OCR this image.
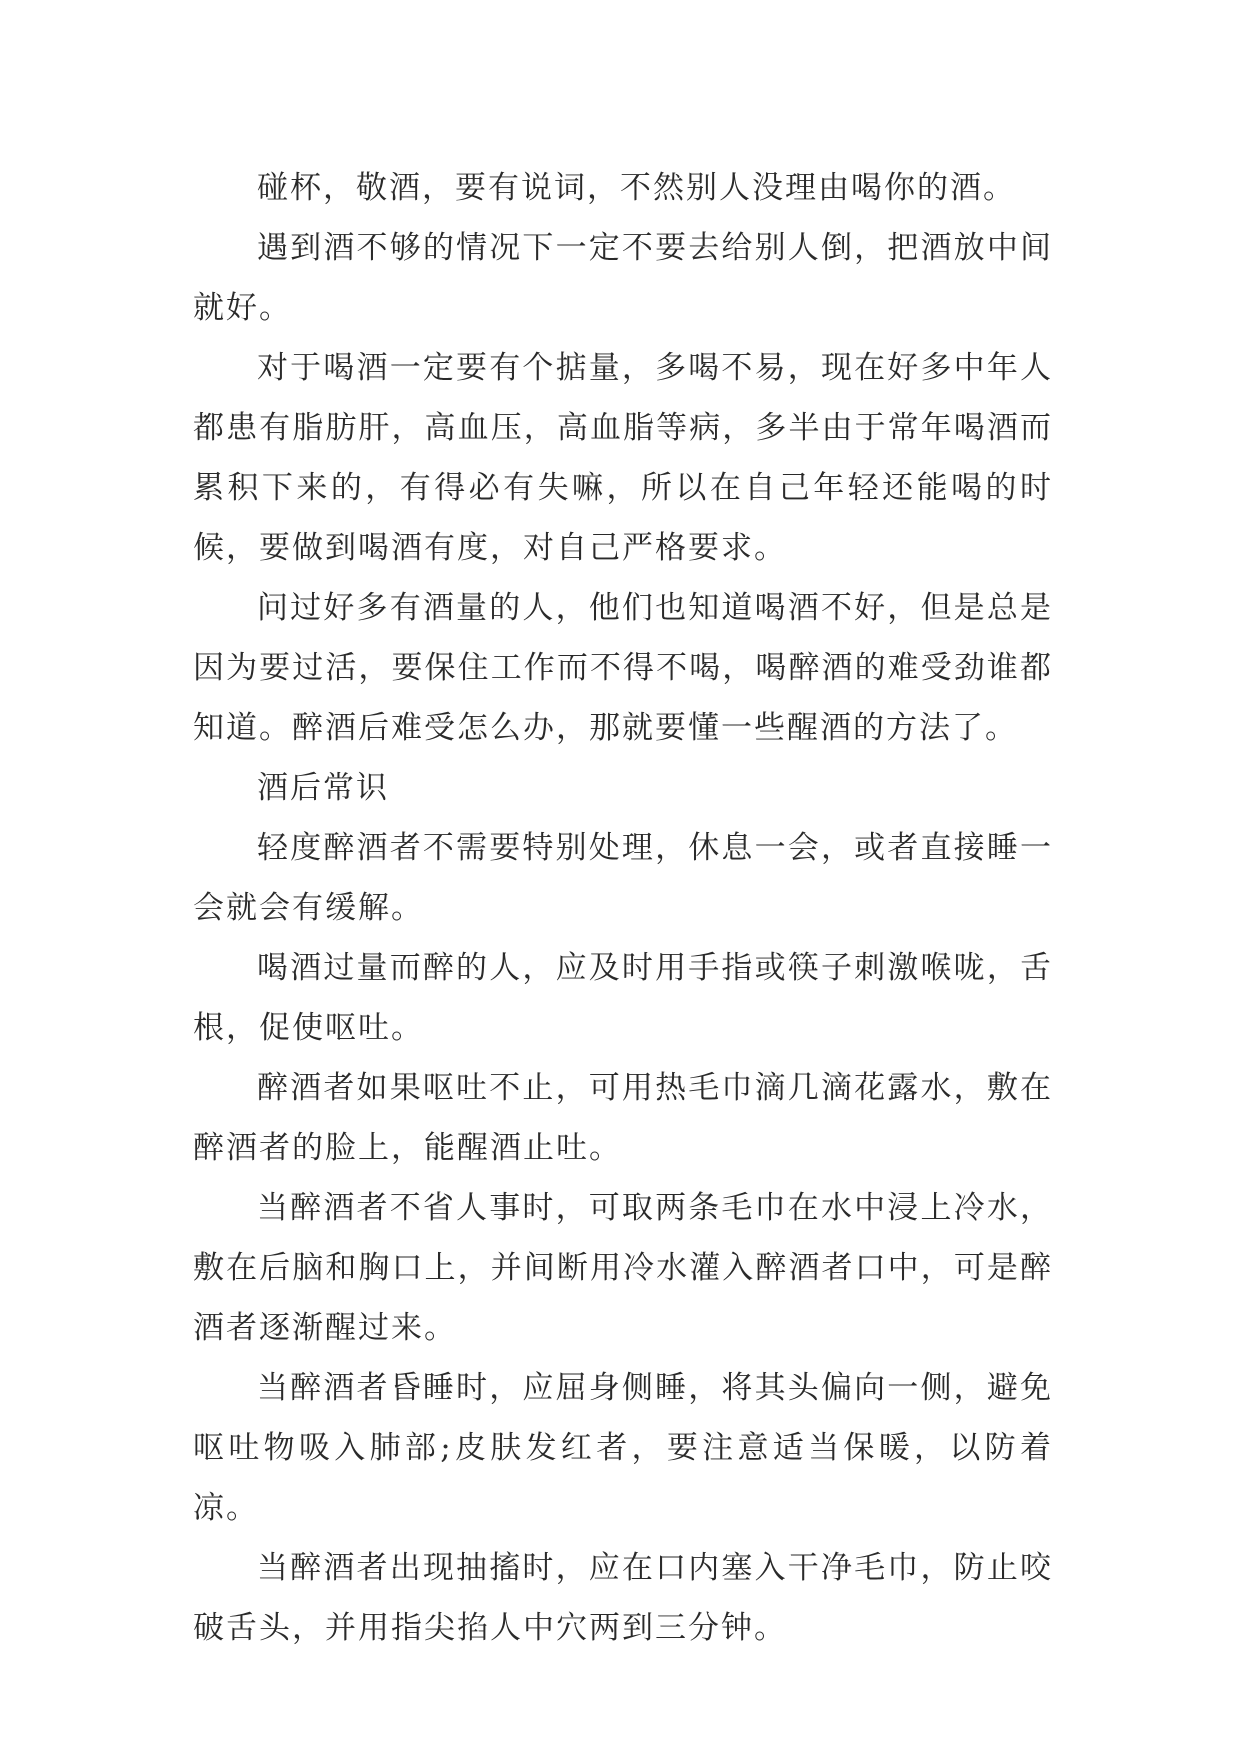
碰杯，敬酒，要有说词，不然别人没理由喝你的酒。

遇到酒不够的情况下一定不要去给别人倒，把酒放中间就好。

对于喝酒一定要有个掂量，多喝不易，现在好多中年人都患有脂肪肝，高血压，高血脂等病，多半由于常年喝酒而累积下来的，有得必有失嘛，所以在自己年轻还能喝的时候，要做到喝酒有度，对自己严格要求。

问过好多有酒量的人，他们也知道喝酒不好，但是总是因为要过活，要保住工作而不得不喝，喝醉酒的难受劲谁都知道。醉酒后难受怎么办，那就要懂一些醒酒的方法了。

酒后常识

轻度醉酒者不需要特别处理，休息一会，或者直接睡一会就会有缓解。

喝酒过量而醉的人，应及时用手指或筷子刺激喉咙，舌根，促使呕吐。

醉酒者如果呕吐不止，可用热毛巾滴几滴花露水，敷在醉酒者的脸上，能醒酒止吐。

当醉酒者不省人事时，可取两条毛巾在水中浸上冷水，敷在后脑和胸口上，并间断用冷水灌入醉酒者口中，可是醉酒者逐渐醒过来。

当醉酒者昏睡时，应屈身侧睡，将其头偏向一侧，避免呕吐物吸入肺部;皮肤发红者，要注意适当保暖，以防着凉。

当醉酒者出现抽搐时，应在口内塞入干净毛巾，防止咬破舌头，并用指尖掐人中穴两到三分钟。
